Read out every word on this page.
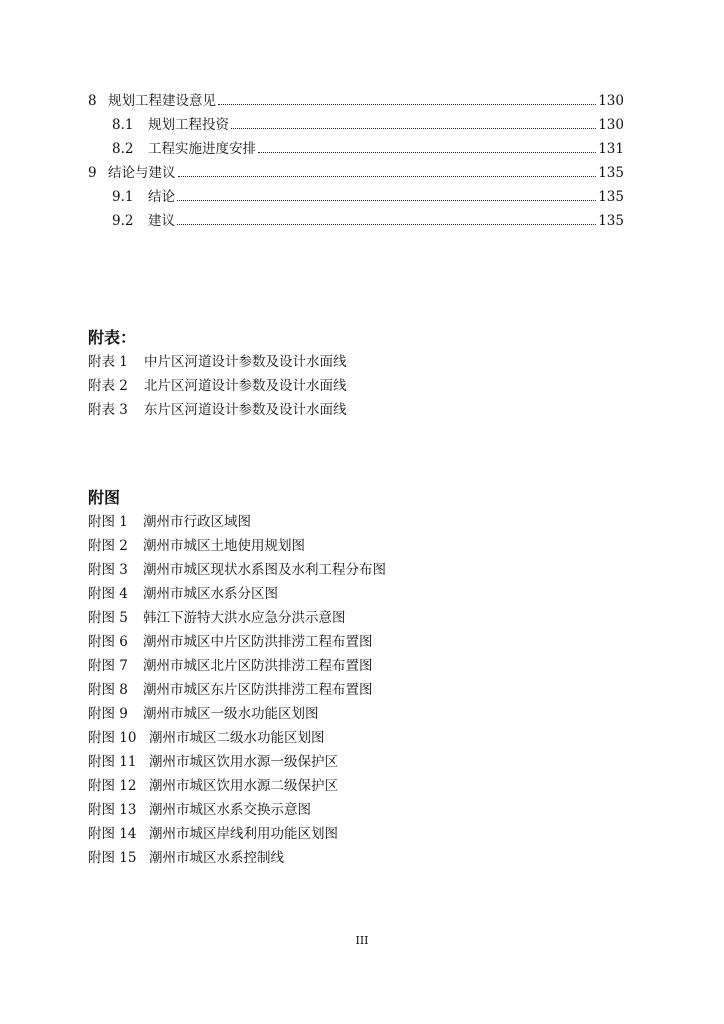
8 规划工程建设意见	130
8.1	规划工程投资	130
8.2	工程实施进度安排	131
9 结论与建议	135
9.1	结论	135
9.2	建议	135
附表：
附表 1 中片区河道设计参数及设计水面线
附表 2 北片区河道设计参数及设计水面线
附表 3 东片区河道设计参数及设计水面线
附图
附图 1 潮州市行政区域图
附图 2 潮州市城区土地使用规划图
附图 3 潮州市城区现状水系图及水利工程分布图
附图 4 潮州市城区水系分区图
附图 5 韩江下游特大洪水应急分洪示意图
附图 6 潮州市城区中片区防洪排涝工程布置图
附图 7 潮州市城区北片区防洪排涝工程布置图
附图 8 潮州市城区东片区防洪排涝工程布置图
附图 9 潮州市城区一级水功能区划图
附图 10 潮州市城区二级水功能区划图
附图 11 潮州市城区饮用水源一级保护区
附图 12 潮州市城区饮用水源二级保护区
附图 13 潮州市城区水系交换示意图
附图 14 潮州市城区岸线利用功能区划图
附图 15 潮州市城区水系控制线
III
